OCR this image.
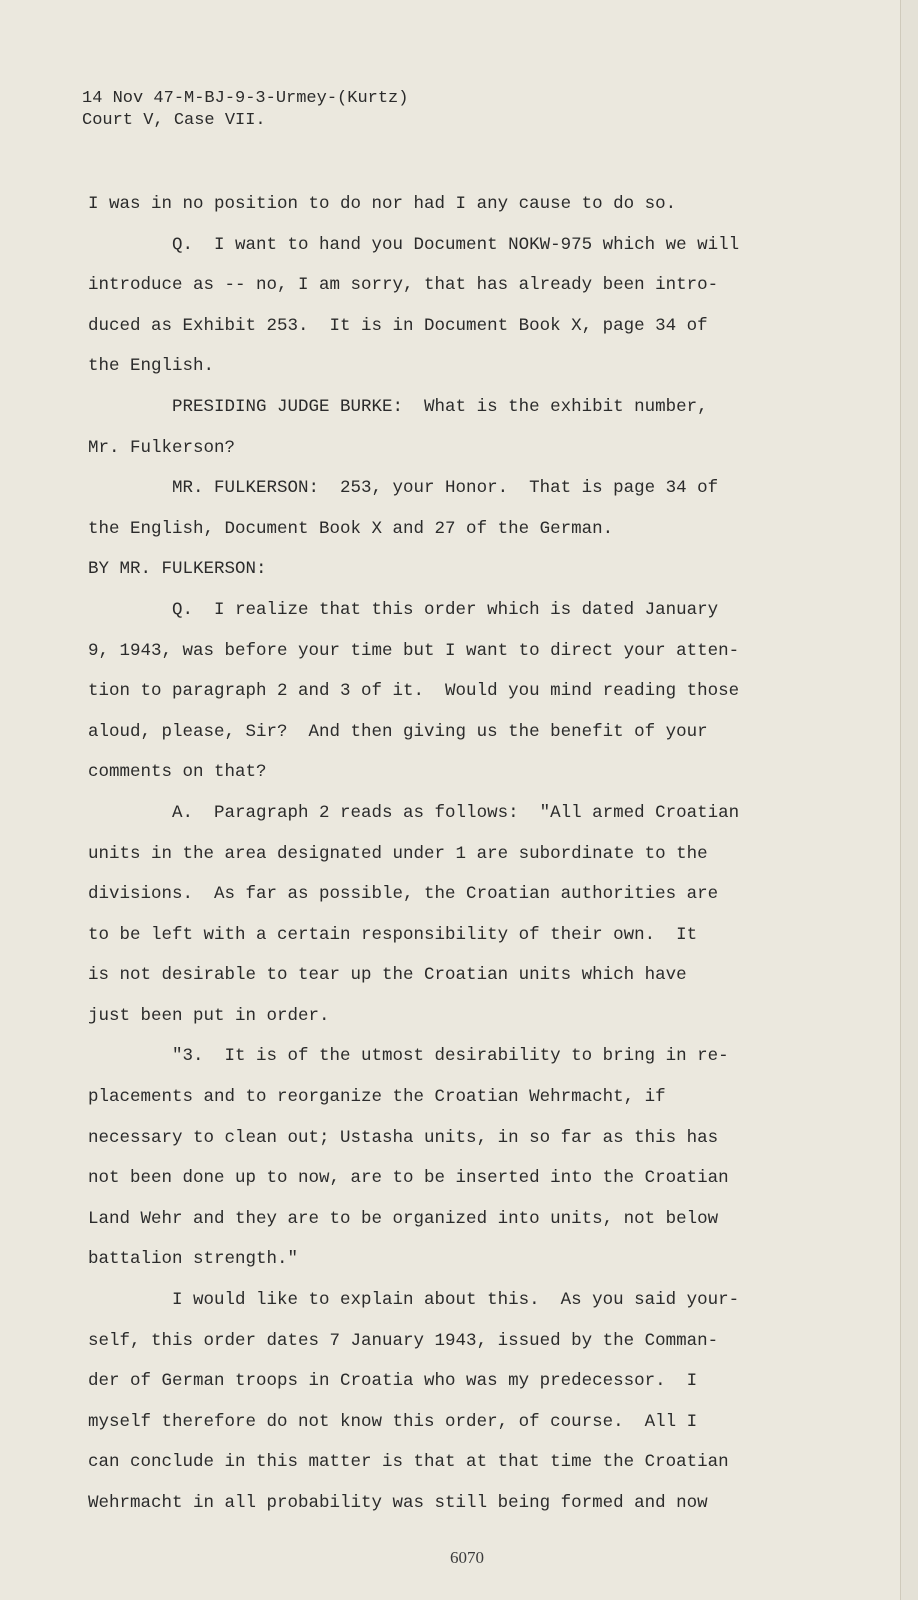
14 Nov 47-M-BJ-9-3-Urmey-(Kurtz)
Court V, Case VII.
I was in no position to do nor had I any cause to do so.
Q.  I want to hand you Document NOKW-975 which we will
introduce as -- no, I am sorry, that has already been intro-
duced as Exhibit 253.  It is in Document Book X, page 34 of
the English.
PRESIDING JUDGE BURKE:  What is the exhibit number,
Mr. Fulkerson?
MR. FULKERSON:  253, your Honor.  That is page 34 of
the English, Document Book X and 27 of the German.
BY MR. FULKERSON:
Q.  I realize that this order which is dated January
9, 1943, was before your time but I want to direct your atten-
tion to paragraph 2 and 3 of it.  Would you mind reading those
aloud, please, Sir?  And then giving us the benefit of your
comments on that?
A.  Paragraph 2 reads as follows:  "All armed Croatian
units in the area designated under 1 are subordinate to the
divisions.  As far as possible, the Croatian authorities are
to be left with a certain responsibility of their own.  It
is not desirable to tear up the Croatian units which have
just been put in order.
"3.  It is of the utmost desirability to bring in re-
placements and to reorganize the Croatian Wehrmacht, if
necessary to clean out; Ustasha units, in so far as this has
not been done up to now, are to be inserted into the Croatian
Land Wehr and they are to be organized into units, not below
battalion strength."
I would like to explain about this.  As you said your-
self, this order dates 7 January 1943, issued by the Comman-
der of German troops in Croatia who was my predecessor.  I
myself therefore do not know this order, of course.  All I
can conclude in this matter is that at that time the Croatian
Wehrmacht in all probability was still being formed and now
6070
